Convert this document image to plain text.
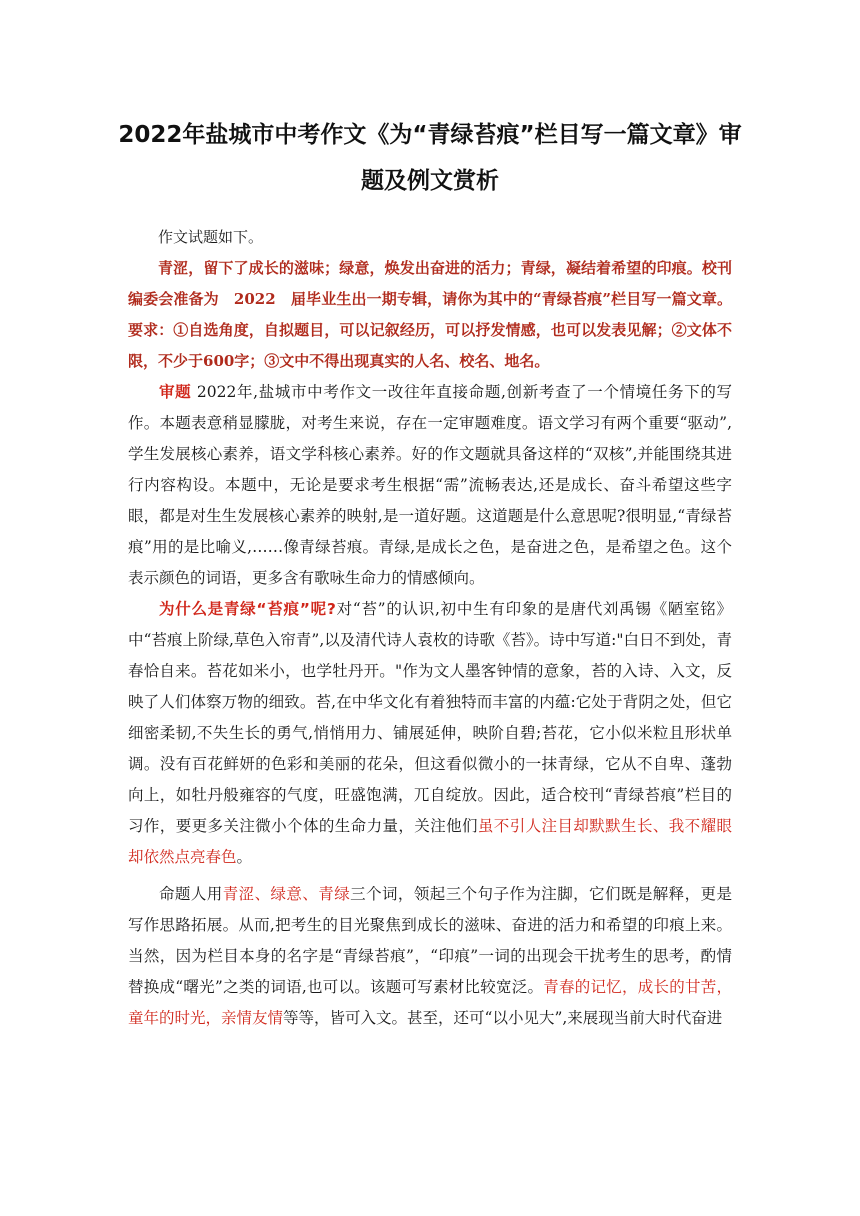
2022年盐城市中考作文《为“青绿苔痕”栏目写一篇文章》审
题及例文赏析

作文试题如下。

青涩，留下了成长的滋味；绿意，焕发出奋进的活力；青绿，凝结着希望的印痕。校刊编委会准备为　2022　届毕业生出一期专辑，请你为其中的“青绿苔痕”栏目写一篇文章。要求：①自选角度，自拟题目，可以记叙经历，可以抒发情感，也可以发表见解；②文体不限，不少于600字；③文中不得出现真实的人名、校名、地名。

审题 2022年,盐城市中考作文一改往年直接命题,创新考查了一个情境任务下的写作。本题表意稍显朦胧，对考生来说，存在一定审题难度。语文学习有两个重要“驱动”,学生发展核心素养，语文学科核心素养。好的作文题就具备这样的“双核”,并能围绕其进行内容构设。本题中，无论是要求考生根据“需”流畅表达,还是成长、奋斗希望这些字眼，都是对生生发展核心素养的映射,是一道好题。这道题是什么意思呢?很明显,“青绿苔痕”用的是比喻义,……像青绿苔痕。青绿,是成长之色，是奋进之色，是希望之色。这个表示颜色的词语，更多含有歌咏生命力的情感倾向。

为什么是青绿“苔痕”呢?对“苔”的认识,初中生有印象的是唐代刘禹锡《陋室铭》中“苔痕上阶绿,草色入帘青”,以及清代诗人袁枚的诗歌《苔》。诗中写道:"白日不到处，青春恰自来。苔花如米小，也学牡丹开。"作为文人墨客钟情的意象，苔的入诗、入文，反映了人们体察万物的细致。苔,在中华文化有着独特而丰富的内蕴:它处于背阴之处，但它细密柔韧,不失生长的勇气,悄悄用力、铺展延伸，映阶自碧;苔花，它小似米粒且形状单调。没有百花鲜妍的色彩和美丽的花朵，但这看似微小的一抹青绿，它从不自卑、蓬勃向上，如牡丹般雍容的气度，旺盛饱满，兀自绽放。因此，适合校刊“青绿苔痕”栏目的习作，要更多关注微小个体的生命力量，关注他们虽不引人注目却默默生长、我不耀眼却依然点亮春色。

命题人用青涩、绿意、青绿三个词，领起三个句子作为注脚，它们既是解释，更是写作思路拓展。从而,把考生的目光聚焦到成长的滋味、奋进的活力和希望的印痕上来。当然，因为栏目本身的名字是“青绿苔痕”，“印痕”一词的出现会干扰考生的思考，酌情替换成“曙光”之类的词语,也可以。该题可写素材比较宽泛。青春的记忆，成长的甘苦，童年的时光，亲情友情等等，皆可入文。甚至，还可“以小见大”,来展现当前大时代奋进
